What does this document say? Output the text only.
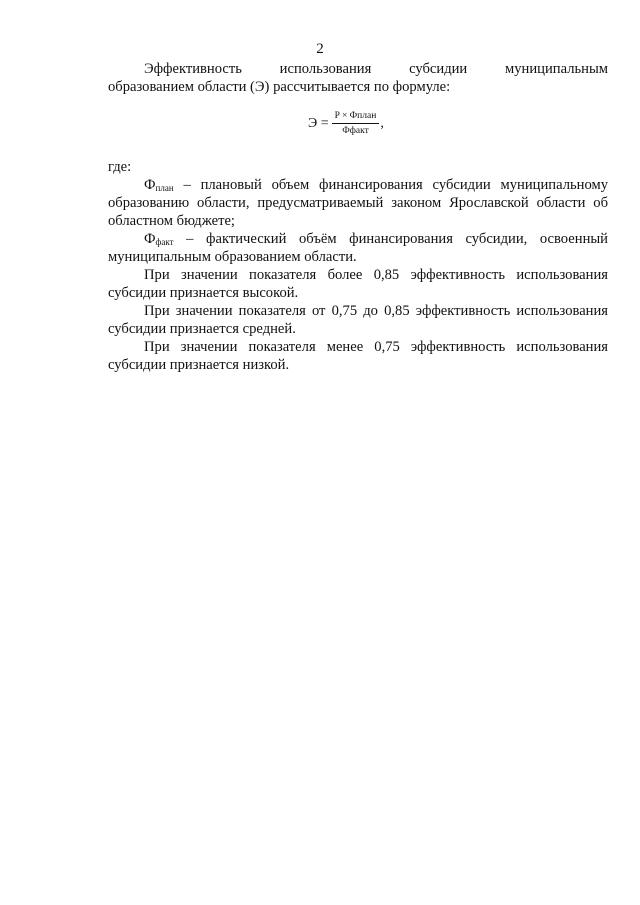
2

Эффективность использования субсидии муниципальным

образованием области (Э) рассчитывается по формуле:

$Э = \frac{\text{P × Фплан}}{\text{Ффакт}}$ ,
где:

$Ф_{план}$ – плановый объем финансирования субсидии муниципальному образованию области, предусматриваемый законом Ярославской области об областном бюджете;

$Ф_{факт}$ – фактический объём финансирования субсидии, освоенный муниципальным образованием области.

При значении показателя более 0,85 эффективность использования субсидии признается высокой.

При значении показателя от 0,75 до 0,85 эффективность использования субсидии признается средней.

При значении показателя менее 0,75 эффективность использования субсидии признается низкой.
